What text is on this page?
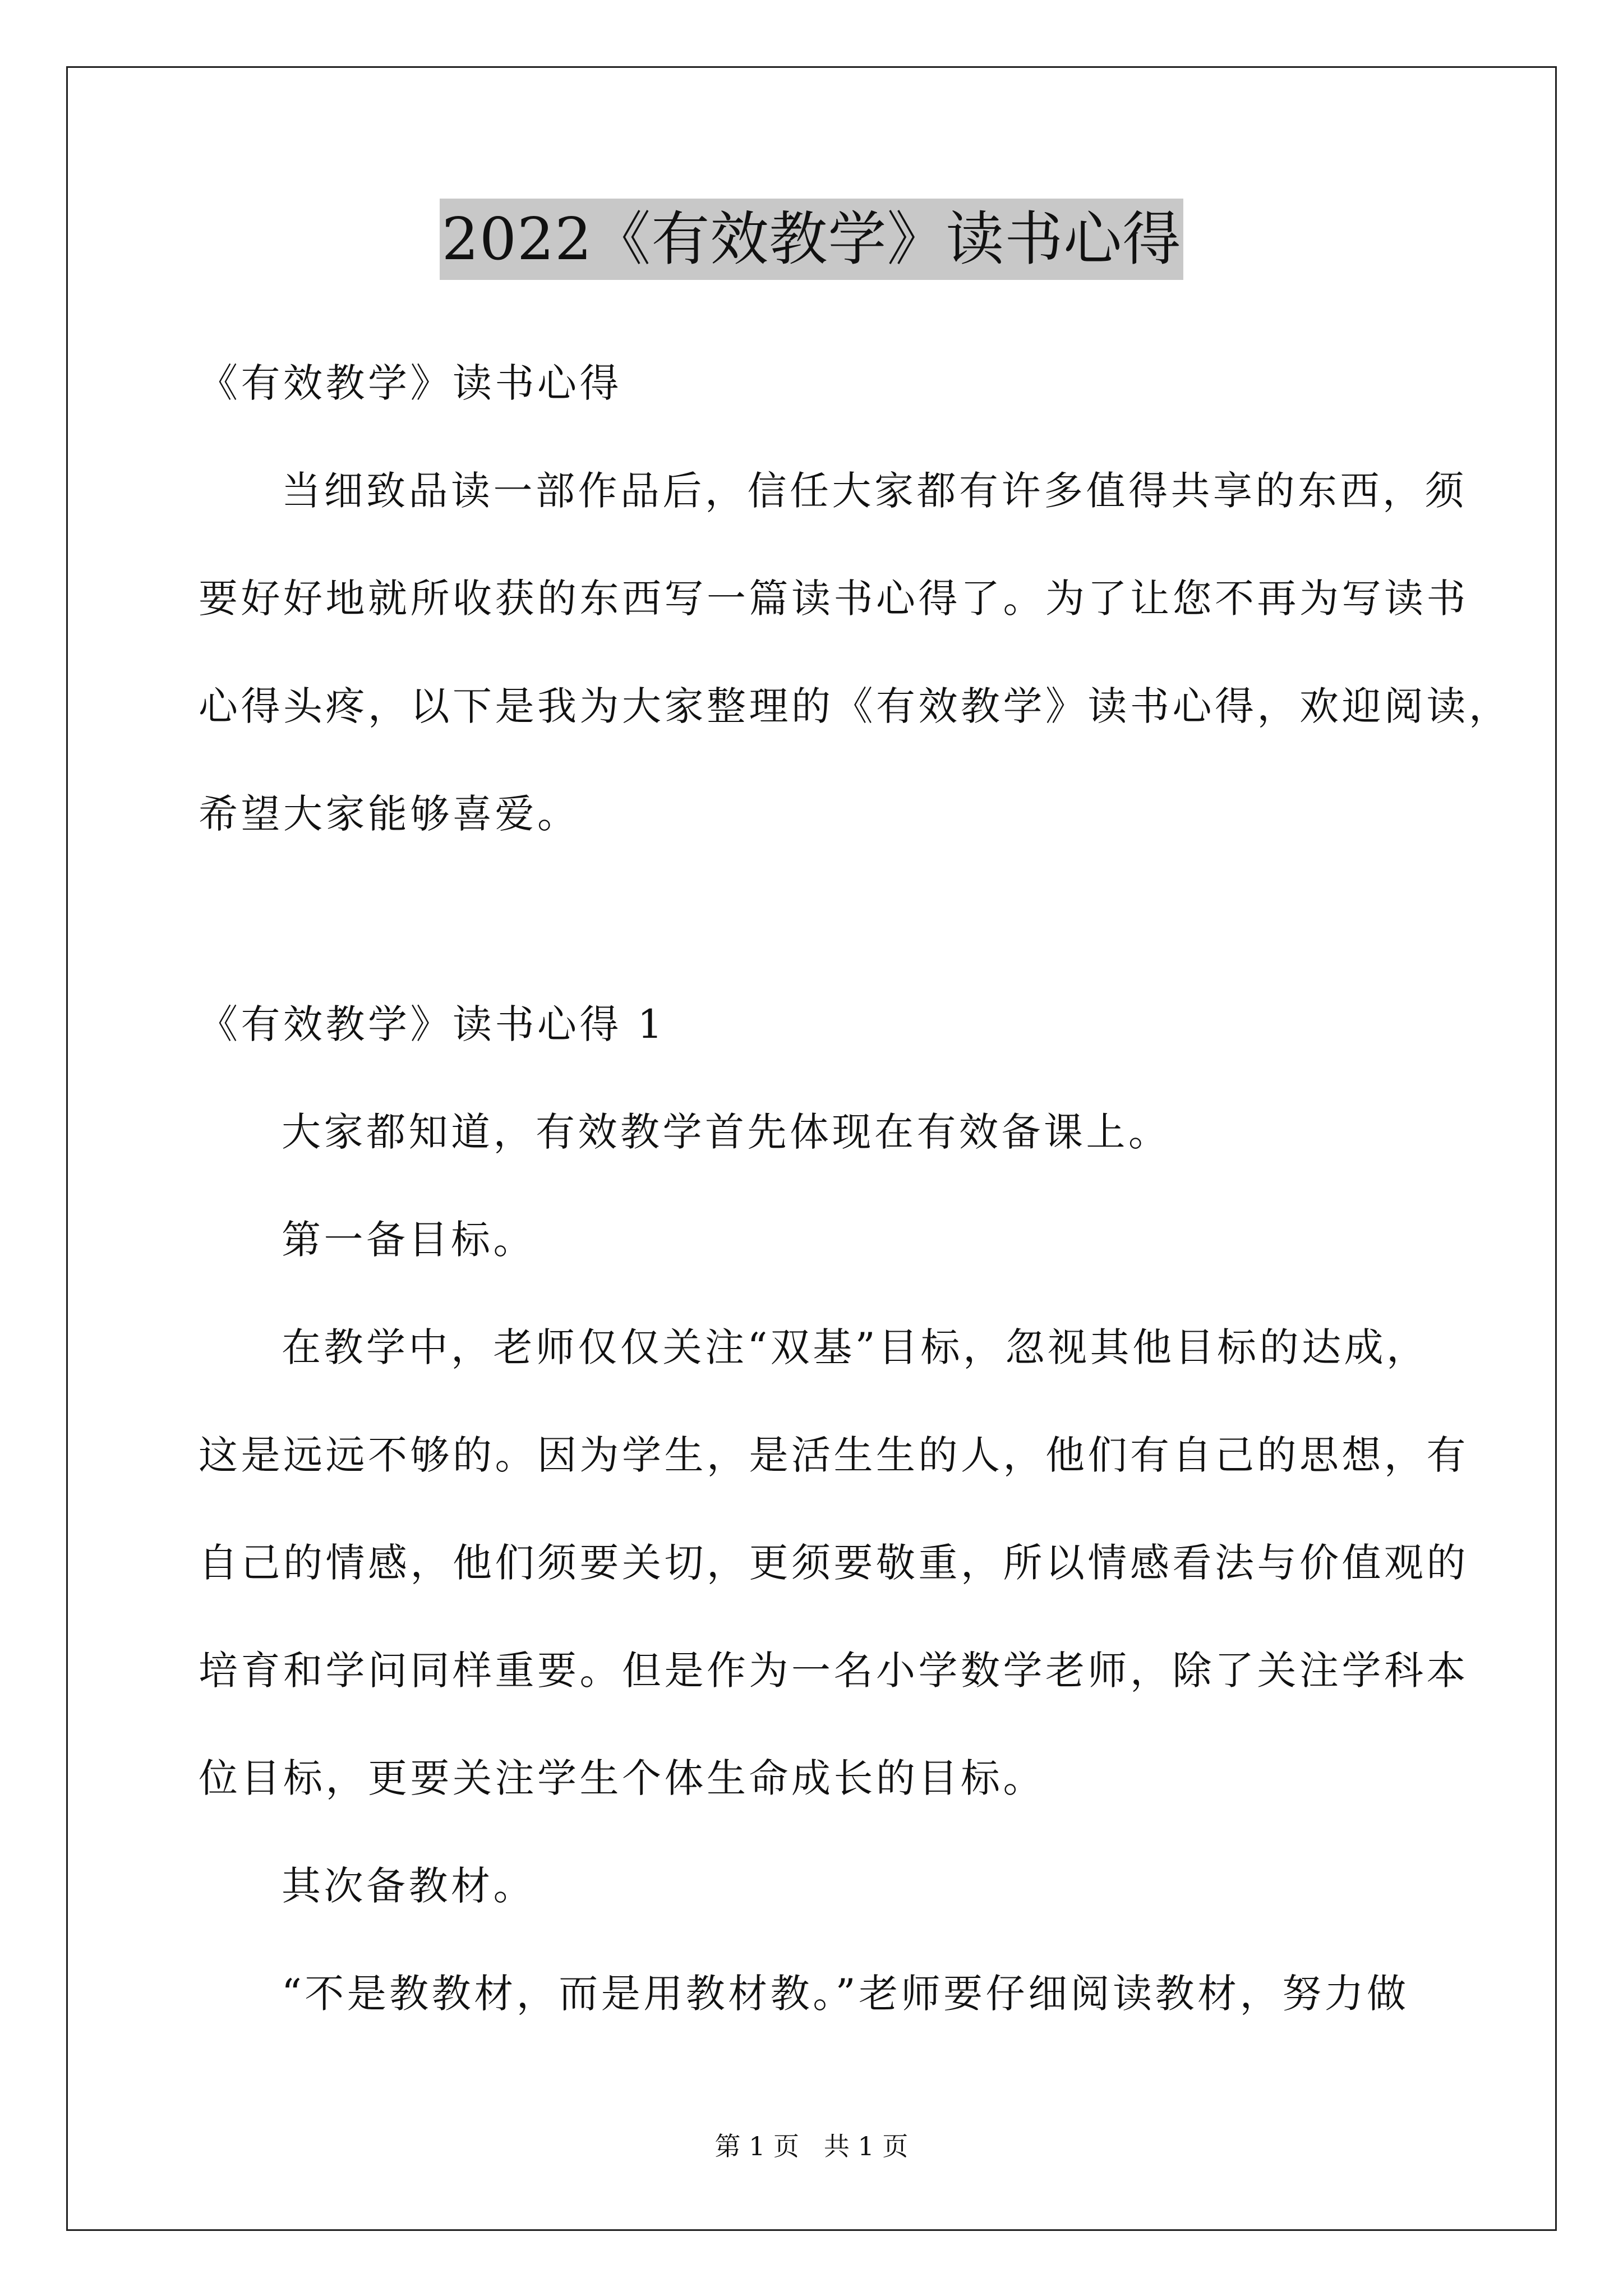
2022《有效教学》读书心得
《有效教学》读书心得
当细致品读一部作品后，信任大家都有许多值得共享的东西，须
要好好地就所收获的东西写一篇读书心得了。为了让您不再为写读书
心得头疼，以下是我为大家整理的《有效教学》读书心得，欢迎阅读，
希望大家能够喜爱。
《有效教学》读书心得 1
大家都知道，有效教学首先体现在有效备课上。
第一备目标。
在教学中，老师仅仅关注“双基”目标，忽视其他目标的达成，
这是远远不够的。因为学生，是活生生的人，他们有自己的思想，有
自己的情感，他们须要关切，更须要敬重，所以情感看法与价值观的
培育和学问同样重要。但是作为一名小学数学老师，除了关注学科本
位目标，更要关注学生个体生命成长的目标。
其次备教材。
“不是教教材，而是用教材教。”老师要仔细阅读教材，努力做
第 1 页   共 1 页
